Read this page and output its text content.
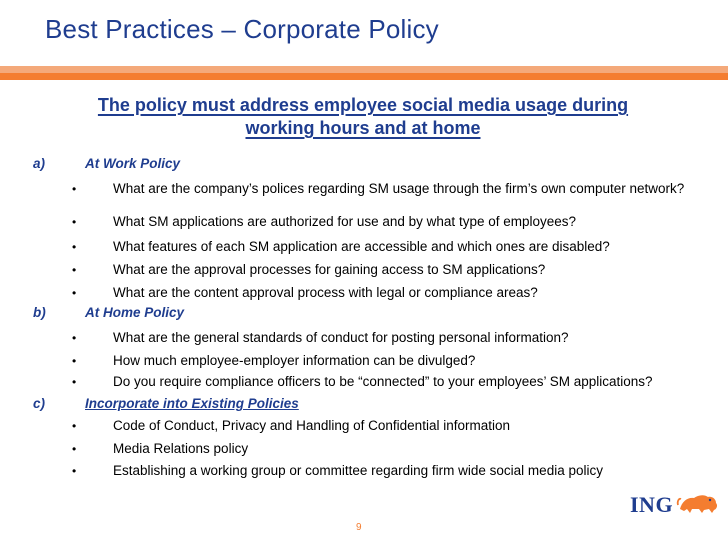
Best Practices – Corporate Policy
The policy must address employee social media usage during
working hours and at home
a)	At Work Policy
•	What are the company’s polices regarding SM usage through the firm’s own computer network?
•	What SM applications are authorized for use and by what type of employees?
•	What features of each SM application are accessible and which ones are disabled?
•	What are the approval processes for gaining access to SM applications?
•	What are the content approval process with legal or compliance areas?
b)	At Home Policy
•	What are the general standards of conduct for posting personal information?
•	How much employee-employer information can be divulged?
•	Do you require compliance officers to be “connected” to your employees’ SM applications?
c)	Incorporate into Existing Policies
•	Code of Conduct, Privacy and Handling of Confidential information
•	Media Relations policy
•	Establishing a working group or committee regarding firm wide social media policy
ING
9
